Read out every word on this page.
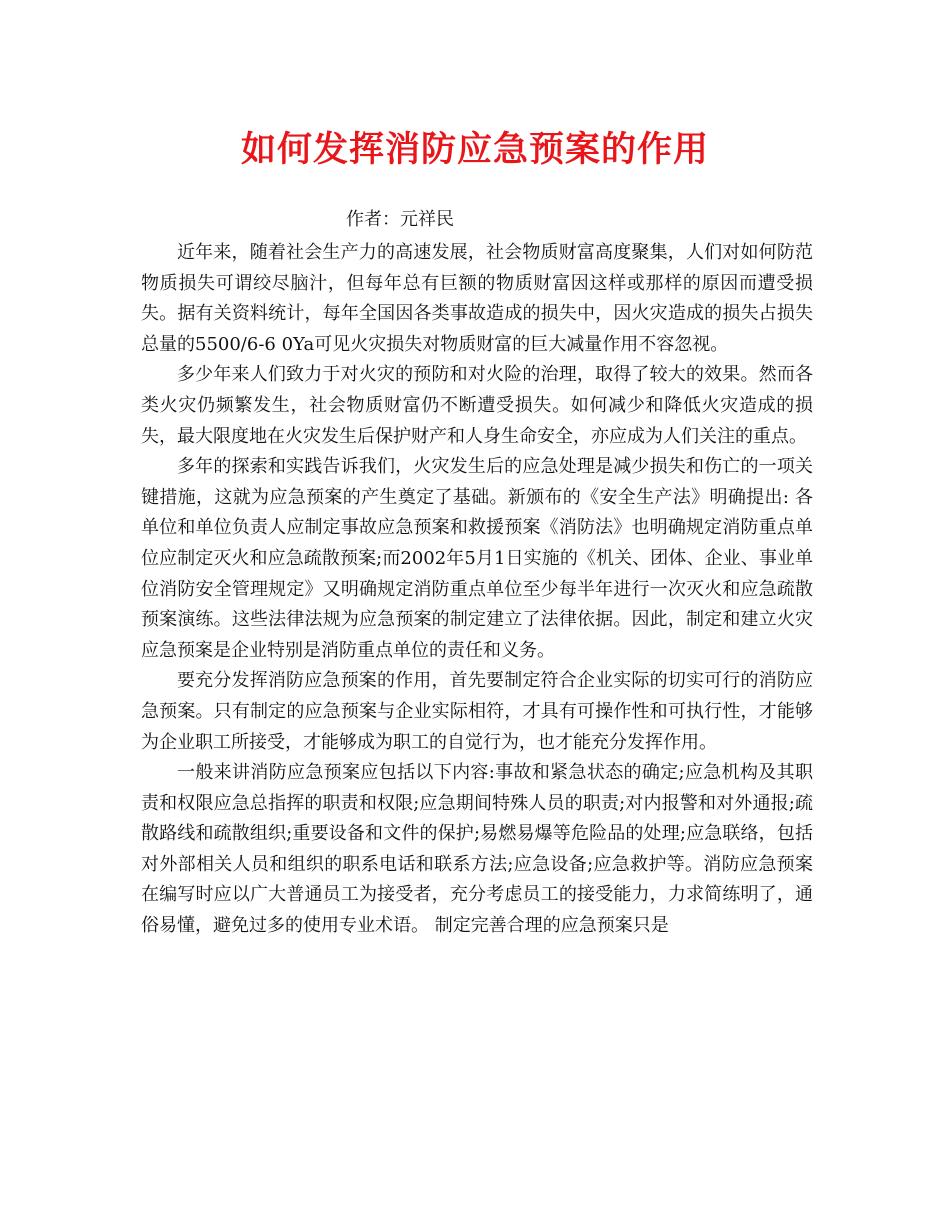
如何发挥消防应急预案的作用
作者：元祥民

近年来，随着社会生产力的高速发展，社会物质财富高度聚集，人们对如何防范物质损失可谓绞尽脑汁，但每年总有巨额的物质财富因这样或那样的原因而遭受损失。据有关资料统计，每年全国因各类事故造成的损失中，因火灾造成的损失占损失总量的5500/6-6 0Ya可见火灾损失对物质财富的巨大减量作用不容忽视。

多少年来人们致力于对火灾的预防和对火险的治理，取得了较大的效果。然而各类火灾仍频繁发生，社会物质财富仍不断遭受损失。如何减少和降低火灾造成的损失，最大限度地在火灾发生后保护财产和人身生命安全，亦应成为人们关注的重点。

多年的探索和实践告诉我们，火灾发生后的应急处理是减少损失和伤亡的一项关键措施，这就为应急预案的产生奠定了基础。新颁布的《安全生产法》明确提出: 各单位和单位负责人应制定事故应急预案和救援预案《消防法》也明确规定消防重点单位应制定灭火和应急疏散预案;而2002年5月1日实施的《机关、团体、企业、事业单位消防安全管理规定》又明确规定消防重点单位至少每半年进行一次灭火和应急疏散预案演练。这些法律法规为应急预案的制定建立了法律依据。因此，制定和建立火灾应急预案是企业特别是消防重点单位的责任和义务。

要充分发挥消防应急预案的作用，首先要制定符合企业实际的切实可行的消防应急预案。只有制定的应急预案与企业实际相符，才具有可操作性和可执行性，才能够为企业职工所接受，才能够成为职工的自觉行为，也才能充分发挥作用。

一般来讲消防应急预案应包括以下内容:事故和紧急状态的确定;应急机构及其职责和权限应急总指挥的职责和权限;应急期间特殊人员的职责;对内报警和对外通报;疏散路线和疏散组织;重要设备和文件的保护;易燃易爆等危险品的处理;应急联络，包括对外部相关人员和组织的职系电话和联系方法;应急设备;应急救护等。消防应急预案在编写时应以广大普通员工为接受者，充分考虑员工的接受能力，力求简练明了，通俗易懂，避免过多的使用专业术语。 制定完善合理的应急预案只是
